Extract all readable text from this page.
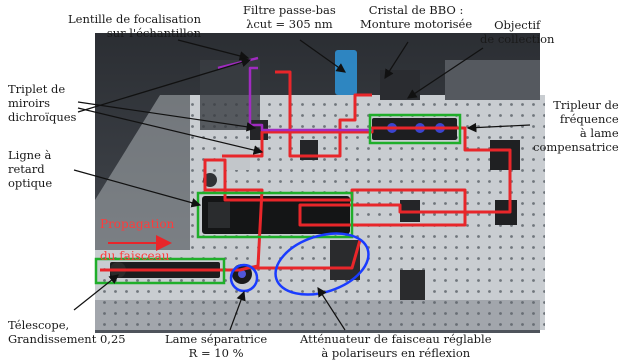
Lentille de focalisation
sur l'échantillon
Filtre passe-bas
λcut = 305 nm
Cristal de BBO :
Monture motorisée	Objectif
de collection
Triplet de
miroirs
dichroïques
Tripleur de
fréquence
à lame
compensatrice
Ligne à
retard
optique
Propagation
du faisceau
Télescope,
Grandissement 0,25	Lame séparatrice
R = 10 %
Atténuateur de faisceau réglable
à polariseurs en réflexion
